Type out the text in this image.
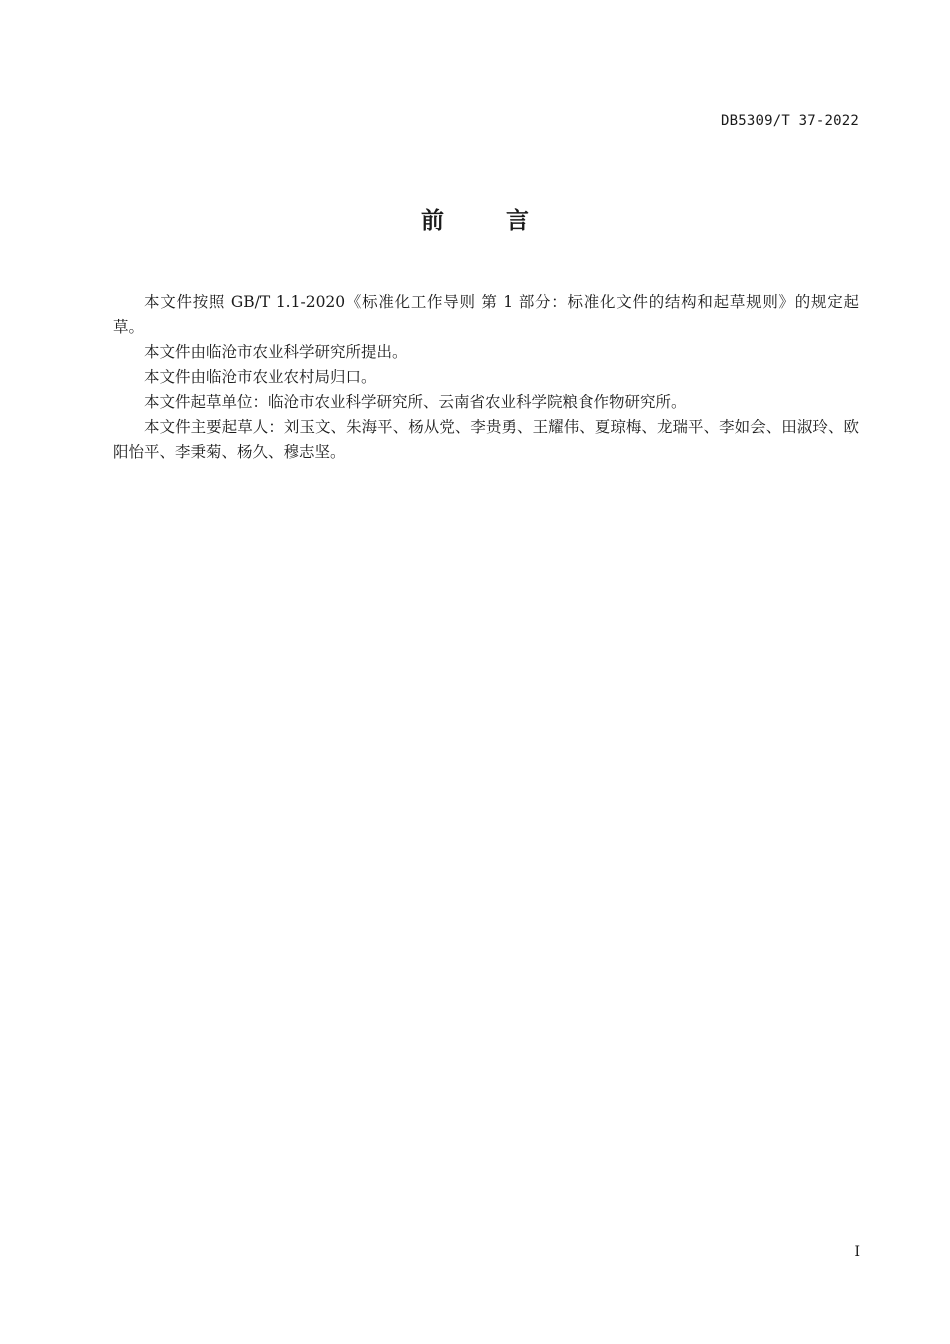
DB5309/T 37-2022
前言

本文件按照 GB/T 1.1-2020《标准化工作导则 第 1 部分：标准化文件的结构和起草规则》的规定起草。

本文件由临沧市农业科学研究所提出。

本文件由临沧市农业农村局归口。

本文件起草单位：临沧市农业科学研究所、云南省农业科学院粮食作物研究所。

本文件主要起草人：刘玉文、朱海平、杨从党、李贵勇、王耀伟、夏琼梅、龙瑞平、李如会、田淑玲、欧阳怡平、李秉菊、杨久、穆志坚。

I
